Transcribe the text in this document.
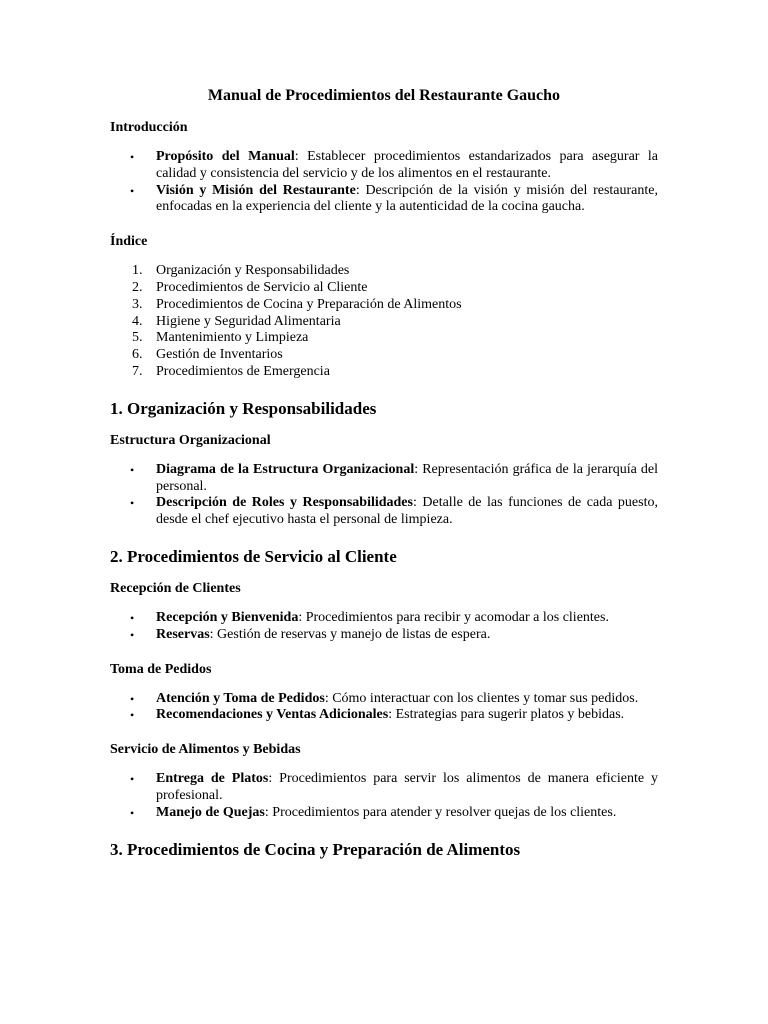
Manual de Procedimientos del Restaurante Gaucho
Introducción
• Propósito del Manual: Establecer procedimientos estandarizados para asegurar la calidad y consistencia del servicio y de los alimentos en el restaurante.
• Visión y Misión del Restaurante: Descripción de la visión y misión del restaurante, enfocadas en la experiencia del cliente y la autenticidad de la cocina gaucha.
Índice
1. Organización y Responsabilidades
2. Procedimientos de Servicio al Cliente
3. Procedimientos de Cocina y Preparación de Alimentos
4. Higiene y Seguridad Alimentaria
5. Mantenimiento y Limpieza
6. Gestión de Inventarios
7. Procedimientos de Emergencia
1. Organización y Responsabilidades
Estructura Organizacional
• Diagrama de la Estructura Organizacional: Representación gráfica de la jerarquía del personal.
• Descripción de Roles y Responsabilidades: Detalle de las funciones de cada puesto, desde el chef ejecutivo hasta el personal de limpieza.
2. Procedimientos de Servicio al Cliente
Recepción de Clientes
• Recepción y Bienvenida: Procedimientos para recibir y acomodar a los clientes.
• Reservas: Gestión de reservas y manejo de listas de espera.
Toma de Pedidos
• Atención y Toma de Pedidos: Cómo interactuar con los clientes y tomar sus pedidos.
• Recomendaciones y Ventas Adicionales: Estrategias para sugerir platos y bebidas.
Servicio de Alimentos y Bebidas
• Entrega de Platos: Procedimientos para servir los alimentos de manera eficiente y profesional.
• Manejo de Quejas: Procedimientos para atender y resolver quejas de los clientes.
3. Procedimientos de Cocina y Preparación de Alimentos
